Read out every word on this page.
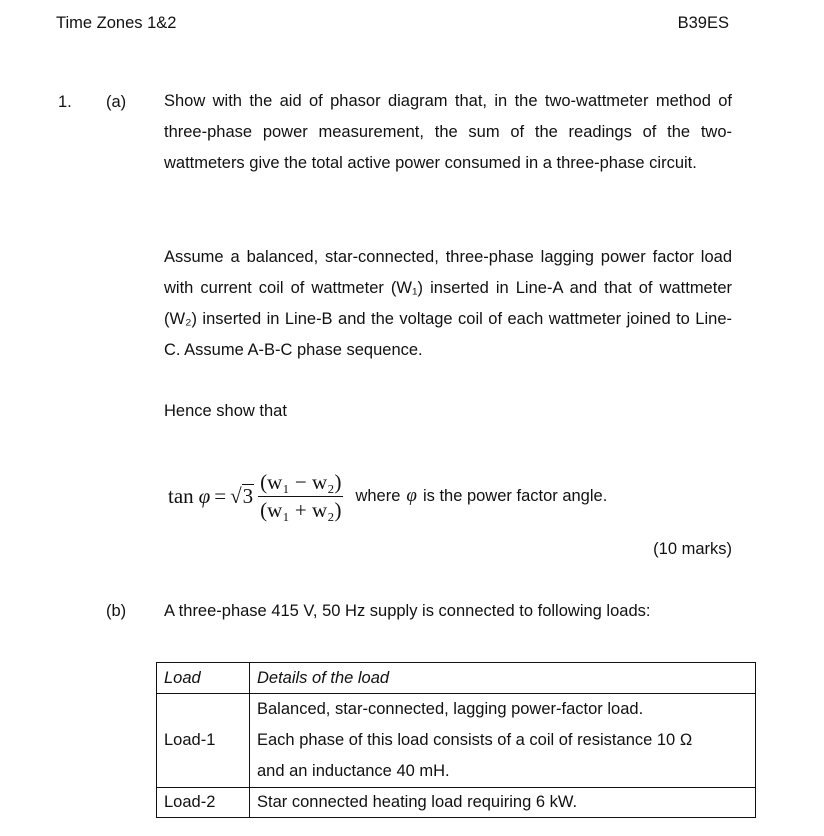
Time Zones 1&2	B39ES
1. (a) Show with the aid of phasor diagram that, in the two-wattmeter method of three-phase power measurement, the sum of the readings of the two-wattmeters give the total active power consumed in a three-phase circuit.
Assume a balanced, star-connected, three-phase lagging power factor load with current coil of wattmeter (W₁) inserted in Line-A and that of wattmeter (W₂) inserted in Line-B and the voltage coil of each wattmeter joined to Line-C. Assume A-B-C phase sequence.
Hence show that
tan φ = √ $3 \frac{\text{(w₁ − w₂)}}{\text{(w₁ + w₂)}}$ where φ is the power factor angle.
(10 marks)
(b) A three-phase 415 V, 50 Hz supply is connected to following loads:
Load	Details of the load
Load-1	Balanced, star-connected, lagging power-factor load.
Each phase of this load consists of a coil of resistance 10 Ω
and an inductance 40 mH.

Load-2	Star connected heating load requiring 6 kW.
